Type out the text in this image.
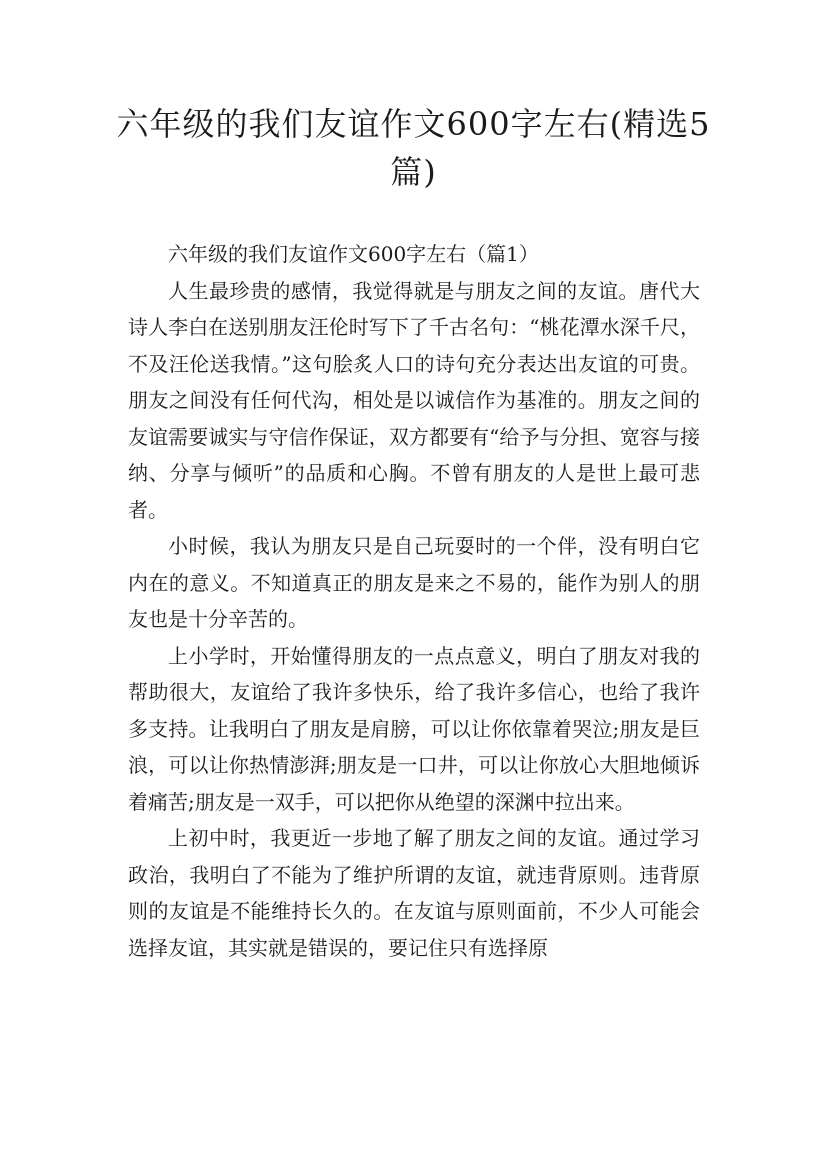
六年级的我们友谊作文600字左右(精选5篇)

六年级的我们友谊作文600字左右（篇1）

人生最珍贵的感情，我觉得就是与朋友之间的友谊。唐代大诗人李白在送别朋友汪伦时写下了千古名句：“桃花潭水深千尺，不及汪伦送我情。”这句脍炙人口的诗句充分表达出友谊的可贵。朋友之间没有任何代沟，相处是以诚信作为基准的。朋友之间的友谊需要诚实与守信作保证，双方都要有“给予与分担、宽容与接纳、分享与倾听”的品质和心胸。不曾有朋友的人是世上最可悲者。

小时候，我认为朋友只是自己玩耍时的一个伴，没有明白它内在的意义。不知道真正的朋友是来之不易的，能作为别人的朋友也是十分辛苦的。

上小学时，开始懂得朋友的一点点意义，明白了朋友对我的帮助很大，友谊给了我许多快乐，给了我许多信心，也给了我许多支持。让我明白了朋友是肩膀，可以让你依靠着哭泣;朋友是巨浪，可以让你热情澎湃;朋友是一口井，可以让你放心大胆地倾诉着痛苦;朋友是一双手，可以把你从绝望的深渊中拉出来。

上初中时，我更近一步地了解了朋友之间的友谊。通过学习政治，我明白了不能为了维护所谓的友谊，就违背原则。违背原则的友谊是不能维持长久的。在友谊与原则面前，不少人可能会选择友谊，其实就是错误的，要记住只有选择原
